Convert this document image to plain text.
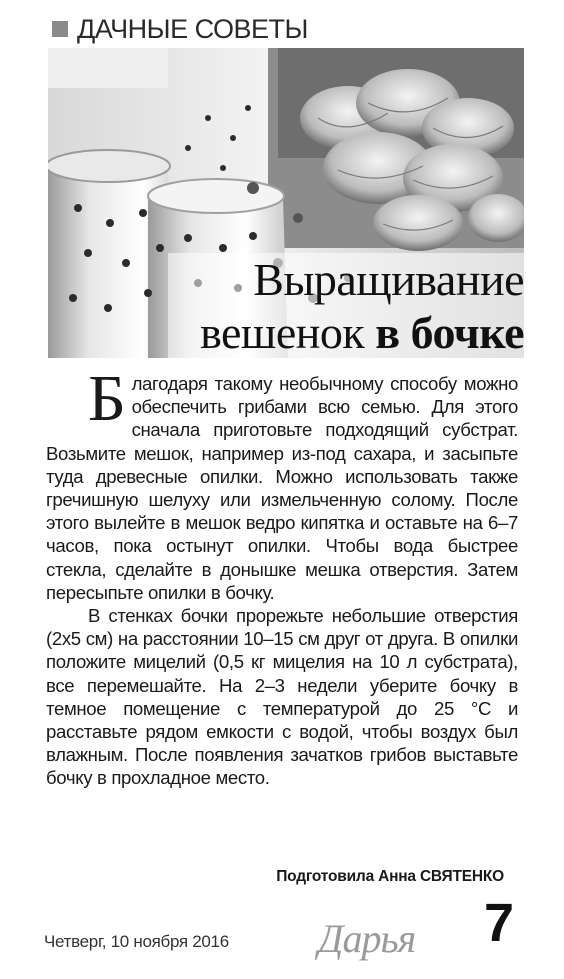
ДАЧНЫЕ СОВЕТЫ
Выращивание
вешенок в бочке

Благодаря такому необычному способу можно обеспечить грибами всю семью. Для этого сначала приготовьте подходящий субстрат. Возьмите мешок, например из-под сахара, и засыпьте туда древесные опилки. Можно использовать также гречишную шелуху или измельченную солому. После этого вылейте в мешок ведро кипятка и оставьте на 6–7 часов, пока остынут опилки. Чтобы вода быстрее стекла, сделайте в донышке мешка отверстия. Затем пересыпьте опилки в бочку.

В стенках бочки прорежьте небольшие отверстия (2х5 см) на расстоянии 10–15 см друг от друга. В опилки положите мицелий (0,5 кг мицелия на 10 л субстрата), все перемешайте. На 2–3 недели уберите бочку в темное помещение с температурой до 25 °С и расставьте рядом емкости с водой, чтобы воздух был влажным. После появления зачатков грибов выставьте бочку в прохладное место.

Подготовила Анна СВЯТЕНКО
Четверг, 10 ноября 2016 Дарья 7
